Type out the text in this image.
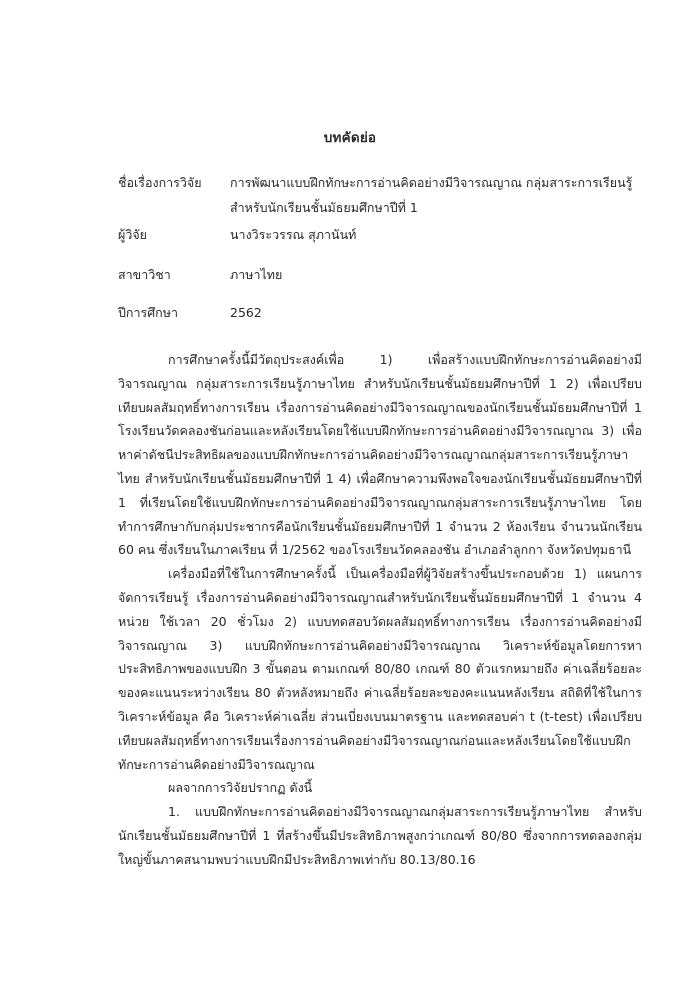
บทคัดย่อ
ชื่อเรื่องการวิจัย	การพัฒนาแบบฝึกทักษะการอ่านคิดอย่างมีวิจารณญาณ กลุ่มสาระการเรียนรู้
สำหรับนักเรียนชั้นมัธยมศึกษาปีที่ 1
ผู้วิจัย	นางวิระวรรณ สุภานันท์
สาขาวิชา	ภาษาไทย
ปีการศึกษา	2562

การศึกษาครั้งนี้มีวัตถุประสงค์เพื่อ 1) เพื่อสร้างแบบฝึกทักษะการอ่านคิดอย่างมีวิจารณญาณ กลุ่มสาระการเรียนรู้ภาษาไทย สำหรับนักเรียนชั้นมัธยมศึกษาปีที่ 1 2) เพื่อเปรียบเทียบผลสัมฤทธิ์ทางการเรียน เรื่องการอ่านคิดอย่างมีวิจารณญาณของนักเรียนชั้นมัธยมศึกษาปีที่ 1 โรงเรียนวัดคลองชันก่อนและหลังเรียนโดยใช้แบบฝึกทักษะการอ่านคิดอย่างมีวิจารณญาณ 3) เพื่อหาค่าดัชนีประสิทธิผลของแบบฝึกทักษะการอ่านคิดอย่างมีวิจารณญาณกลุ่มสาระการเรียนรู้ภาษาไทย สำหรับนักเรียนชั้นมัธยมศึกษาปีที่ 1 4) เพื่อศึกษาความพึงพอใจของนักเรียนชั้นมัธยมศึกษาปีที่ 1 ที่เรียนโดยใช้แบบฝึกทักษะการอ่านคิดอย่างมีวิจารณญาณกลุ่มสาระการเรียนรู้ภาษาไทย โดยทำการศึกษากับกลุ่มประชากรคือนักเรียนชั้นมัธยมศึกษาปีที่ 1 จำนวน 2 ห้องเรียน จำนวนนักเรียน 60 คน ซึ่งเรียนในภาคเรียน ที่ 1/2562 ของโรงเรียนวัดคลองชัน อำเภอลำลูกกา จังหวัดปทุมธานี

เครื่องมือที่ใช้ในการศึกษาครั้งนี้ เป็นเครื่องมือที่ผู้วิจัยสร้างขึ้นประกอบด้วย 1) แผนการจัดการเรียนรู้ เรื่องการอ่านคิดอย่างมีวิจารณญาณสำหรับนักเรียนชั้นมัธยมศึกษาปีที่ 1 จำนวน 4 หน่วย ใช้เวลา 20 ชั่วโมง 2) แบบทดสอบวัดผลสัมฤทธิ์ทางการเรียน เรื่องการอ่านคิดอย่างมีวิจารณญาณ 3) แบบฝึกทักษะการอ่านคิดอย่างมีวิจารณญาณ วิเคราะห์ข้อมูลโดยการหาประสิทธิภาพของแบบฝึก 3 ขั้นตอน ตามเกณฑ์ 80/80 เกณฑ์ 80 ตัวแรกหมายถึง ค่าเฉลี่ยร้อยละของคะแนนระหว่างเรียน 80 ตัวหลังหมายถึง ค่าเฉลี่ยร้อยละของคะแนนหลังเรียน สถิติที่ใช้ในการวิเคราะห์ข้อมูล คือ วิเคราะห์ค่าเฉลี่ย ส่วนเบี่ยงเบนมาตรฐาน และทดสอบค่า t (t-test) เพื่อเปรียบเทียบผลสัมฤทธิ์ทางการเรียนเรื่องการอ่านคิดอย่างมีวิจารณญาณก่อนและหลังเรียนโดยใช้แบบฝึกทักษะการอ่านคิดอย่างมีวิจารณญาณ

ผลจากการวิจัยปรากฏ ดังนี้

1. แบบฝึกทักษะการอ่านคิดอย่างมีวิจารณญาณกลุ่มสาระการเรียนรู้ภาษาไทย สำหรับนักเรียนชั้นมัธยมศึกษาปีที่ 1 ที่สร้างขึ้นมีประสิทธิภาพสูงกว่าเกณฑ์ 80/80 ซึ่งจากการทดลองกลุ่มใหญ่ขั้นภาคสนามพบว่าแบบฝึกมีประสิทธิภาพเท่ากับ 80.13/80.16
